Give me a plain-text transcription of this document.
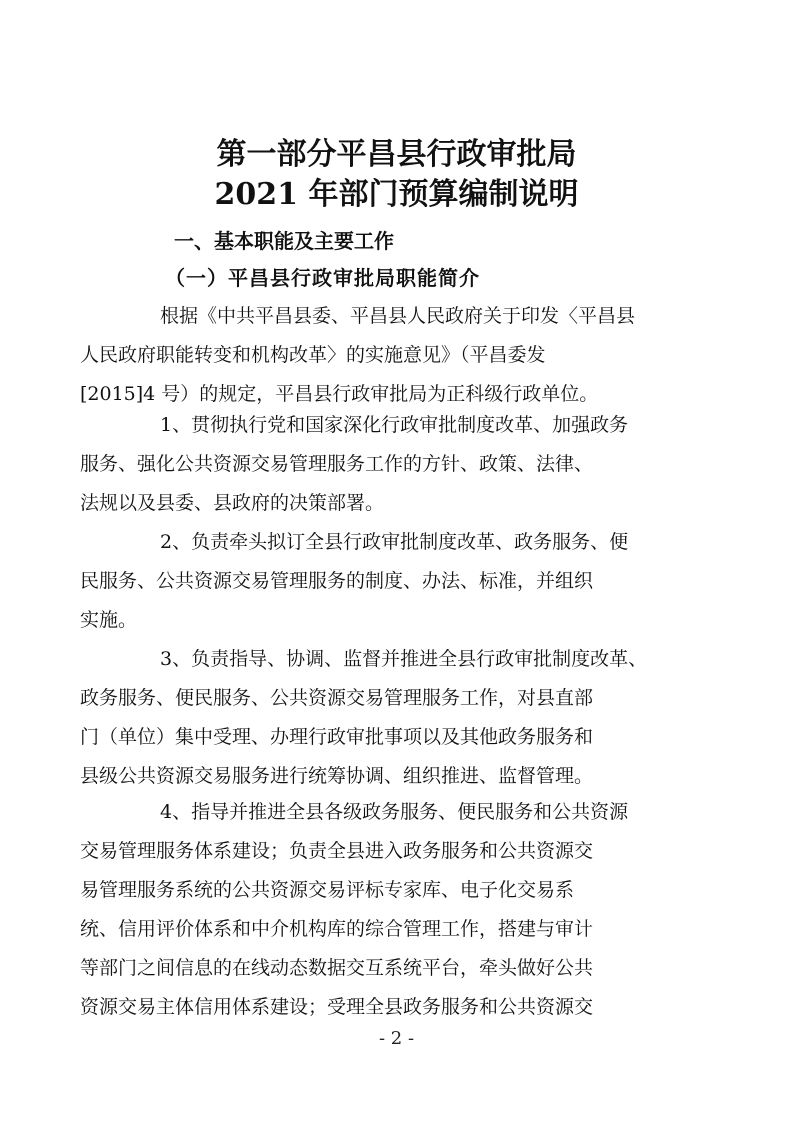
第一部分平昌县行政审批局
2021 年部门预算编制说明
一、基本职能及主要工作
（一）平昌县行政审批局职能简介
根据《中共平昌县委、平昌县人民政府关于印发〈平昌县
人民政府职能转变和机构改革〉的实施意见》（平昌委发
[2015]4 号）的规定，平昌县行政审批局为正科级行政单位。
1、贯彻执行党和国家深化行政审批制度改革、加强政务
服务、强化公共资源交易管理服务工作的方针、政策、法律、
法规以及县委、县政府的决策部署。
2、负责牵头拟订全县行政审批制度改革、政务服务、便
民服务、公共资源交易管理服务的制度、办法、标准，并组织
实施。
3、负责指导、协调、监督并推进全县行政审批制度改革、
政务服务、便民服务、公共资源交易管理服务工作，对县直部
门（单位）集中受理、办理行政审批事项以及其他政务服务和
县级公共资源交易服务进行统筹协调、组织推进、监督管理。
4、指导并推进全县各级政务服务、便民服务和公共资源
交易管理服务体系建设；负责全县进入政务服务和公共资源交
易管理服务系统的公共资源交易评标专家库、电子化交易系
统、信用评价体系和中介机构库的综合管理工作，搭建与审计
等部门之间信息的在线动态数据交互系统平台，牵头做好公共
资源交易主体信用体系建设；受理全县政务服务和公共资源交
- 2 -
